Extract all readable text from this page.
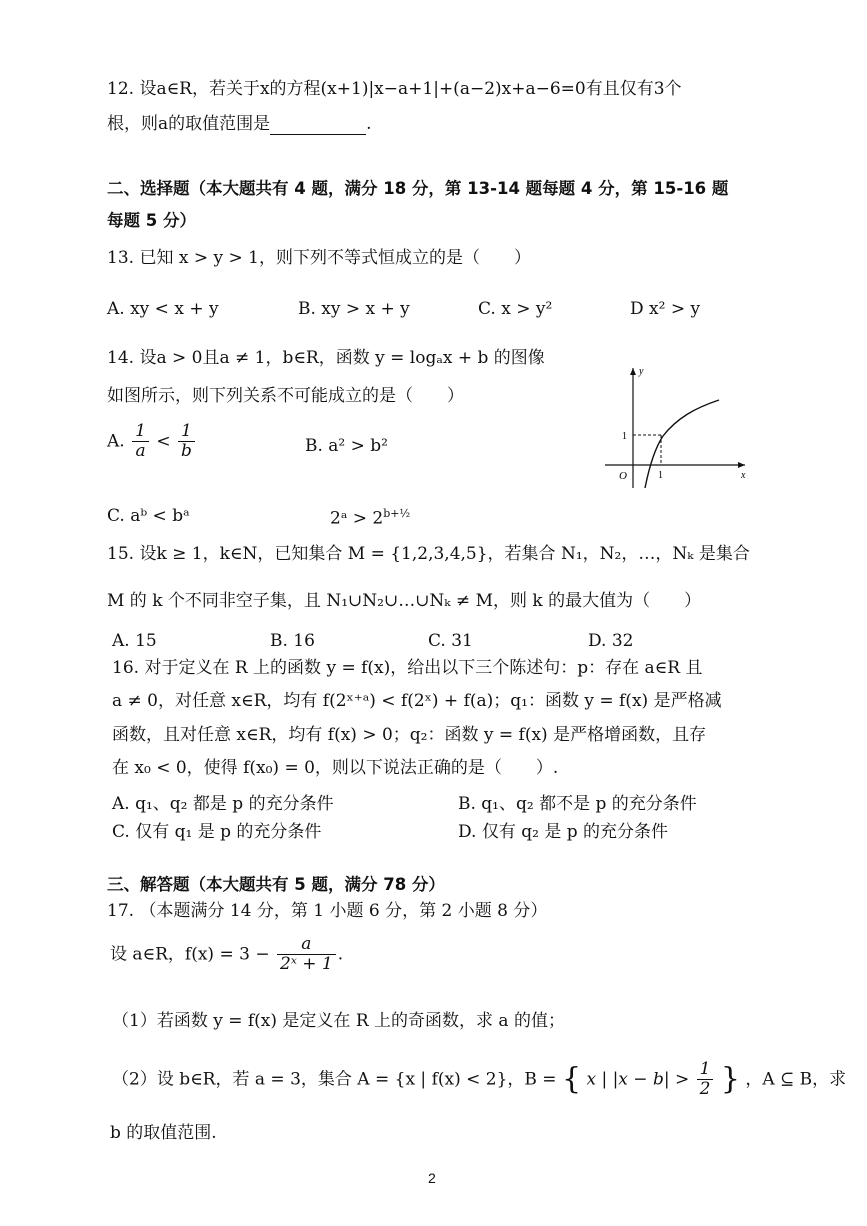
12. 设a∈R，若关于x的方程(x+1)|x−a+1|+(a−2)x+a−6=0有且仅有3个
根，则a的取值范围是	.
二、选择题（本大题共有 4 题，满分 18 分，第 13-14 题每题 4 分，第 15-16 题
每题 5 分）
13. 已知 x > y > 1，则下列不等式恒成立的是（　　）
A. xy < x + y	B. xy > x + y	C. x > y²	D x² > y
14. 设a > 0且a ≠ 1，b∈R，函数 y = logₐx + b 的图像
如图所示，则下列关系不可能成立的是（　　）
A. $\frac{1}{a} < \frac{1}{b}$	B. a² > b²
C. aᵇ < bᵃ	2ᵃ > $2^{b+\frac{1}{2}}$
y
x
O	1
1
15. 设k ≥ 1，k∈N，已知集合 M = {1,2,3,4,5}，若集合 N₁，N₂，…，Nₖ 是集合
M 的 k 个不同非空子集，且 N₁∪N₂∪…∪Nₖ ≠ M，则 k 的最大值为（　　）
A. 15	B. 16	C. 31	D. 32
16. 对于定义在 R 上的函数 y = f(x)，给出以下三个陈述句：p：存在 a∈R 且
a ≠ 0，对任意 x∈R，均有 f(2ˣ⁺ᵃ) < f(2ˣ) + f(a)；q₁：函数 y = f(x) 是严格减
函数，且对任意 x∈R，均有 f(x) > 0；q₂：函数 y = f(x) 是严格增函数，且存
在 x₀ < 0，使得 f(x₀) = 0，则以下说法正确的是（　　）.
A. q₁、q₂ 都是 p 的充分条件	B. q₁、q₂ 都不是 p 的充分条件
C. 仅有 q₁ 是 p 的充分条件	D. 仅有 q₂ 是 p 的充分条件
三、解答题（本大题共有 5 题，满分 78 分）
17. （本题满分 14 分，第 1 小题 6 分，第 2 小题 8 分）
设 a∈R，$f(x) = 3 - \frac{a}{\text{2ˣ + 1}}$ .
（1）若函数 y = f(x) 是定义在 R 上的奇函数，求 a 的值；
（2）设 b∈R，若 a = 3，集合 A = {x | f(x) < 2}，B = { x | $|x - b| > \frac{1}{2}$ } ，A ⊆ B，求
b 的取值范围.
2
